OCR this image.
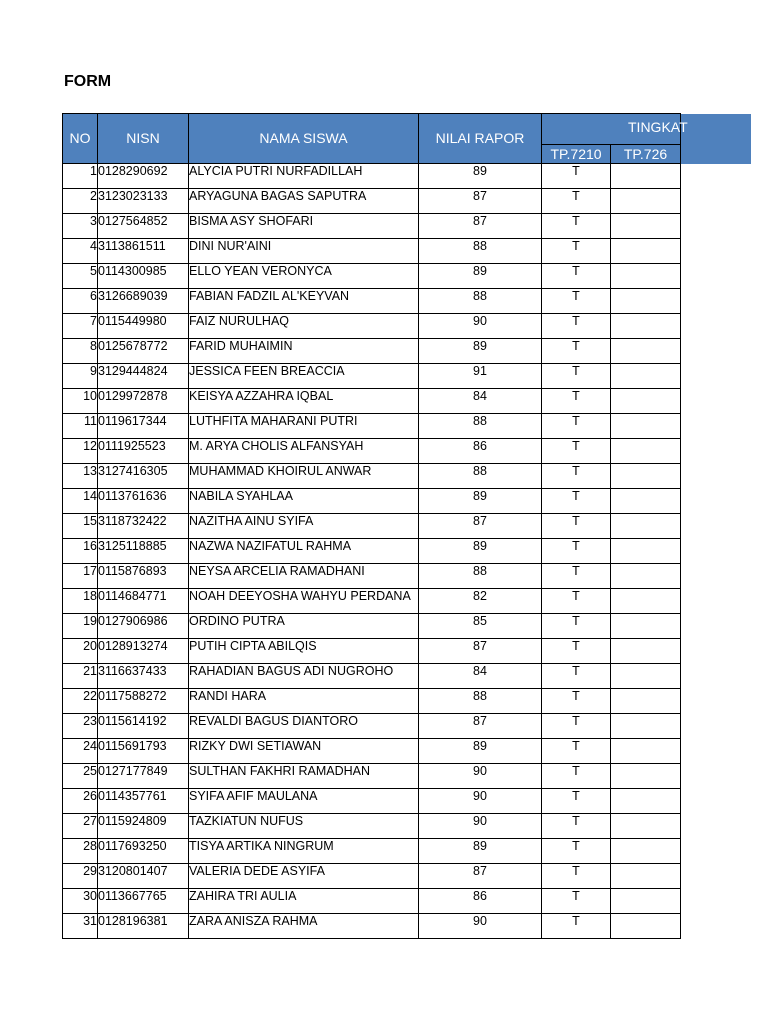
FORM
NO	NISN	NAMA SISWA	NILAI RAPOR	TINGKAT	

				TP.7210	TP.726
1	0128290692	ALYCIA PUTRI NURFADILLAH	89	T	
2	3123023133	ARYAGUNA BAGAS SAPUTRA	87	T	
3	0127564852	BISMA ASY SHOFARI	87	T	
4	3113861511	DINI NUR'AINI	88	T	
5	0114300985	ELLO YEAN VERONYCA	89	T	
6	3126689039	FABIAN FADZIL AL'KEYVAN	88	T	
7	0115449980	FAIZ NURULHAQ	90	T	
8	0125678772	FARID MUHAIMIN	89	T	
9	3129444824	JESSICA FEEN BREACCIA	91	T	
10	0129972878	KEISYA AZZAHRA IQBAL	84	T	
11	0119617344	LUTHFITA MAHARANI PUTRI	88	T	
12	0111925523	M. ARYA CHOLIS ALFANSYAH	86	T	
13	3127416305	MUHAMMAD KHOIRUL ANWAR	88	T	
14	0113761636	NABILA SYAHLAA	89	T	
15	3118732422	NAZITHA AINU SYIFA	87	T	
16	3125118885	NAZWA NAZIFATUL RAHMA	89	T	
17	0115876893	NEYSA ARCELIA RAMADHANI	88	T	
18	0114684771	NOAH DEEYOSHA WAHYU PERDANA	82	T	
19	0127906986	ORDINO PUTRA	85	T	
20	0128913274	PUTIH CIPTA ABILQIS	87	T	
21	3116637433	RAHADIAN BAGUS ADI NUGROHO	84	T	
22	0117588272	RANDI HARA	88	T	
23	0115614192	REVALDI BAGUS DIANTORO	87	T	
24	0115691793	RIZKY DWI SETIAWAN	89	T	
25	0127177849	SULTHAN FAKHRI RAMADHAN	90	T	
26	0114357761	SYIFA AFIF MAULANA	90	T	
27	0115924809	TAZKIATUN NUFUS	90	T	
28	0117693250	TISYA ARTIKA NINGRUM	89	T	
29	3120801407	VALERIA DEDE ASYIFA	87	T	
30	0113667765	ZAHIRA TRI AULIA	86	T	
31	0128196381	ZARA ANISZA RAHMA	90	T	
